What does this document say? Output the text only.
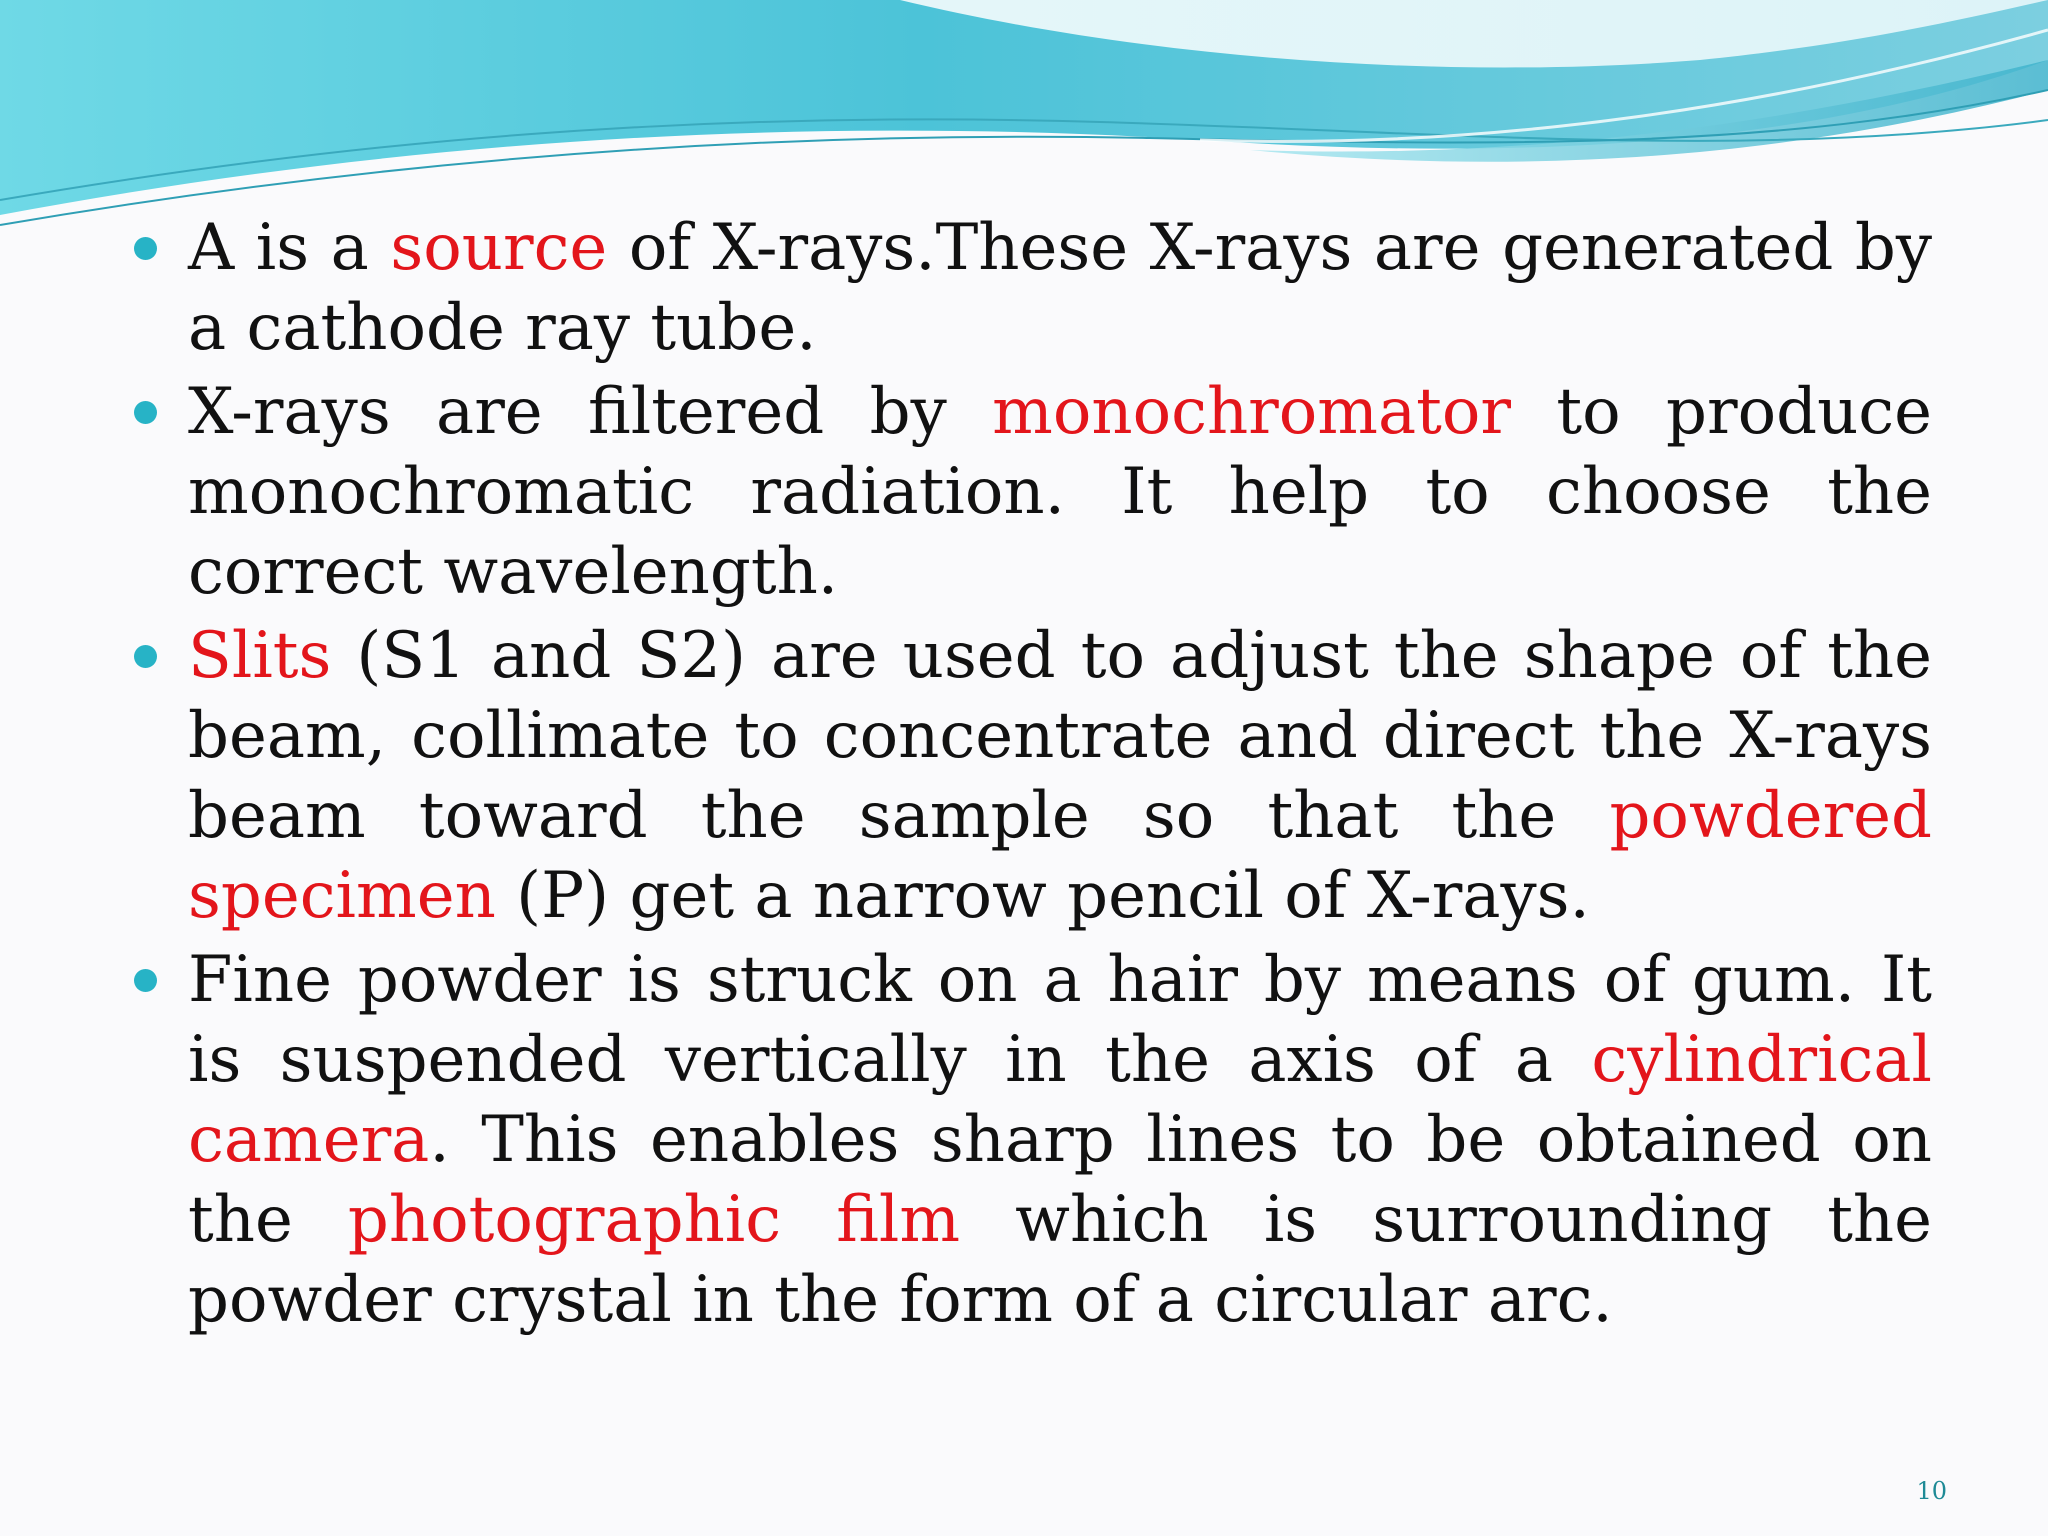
A is a source of X-rays.These X-rays are generated by a cathode ray tube.
X-rays are filtered by monochromator to produce monochromatic radiation. It help to choose the correct wavelength.
Slits (S1 and S2) are used to adjust the shape of the beam, collimate to concentrate and direct the X-rays beam toward the sample so that the powdered specimen (P) get a narrow pencil of X-rays.
Fine powder is struck on a hair by means of gum. It is suspended vertically in the axis of a cylindrical camera. This enables sharp lines to be obtained on the photographic film which is surrounding the powder crystal in the form of a circular arc.
10
